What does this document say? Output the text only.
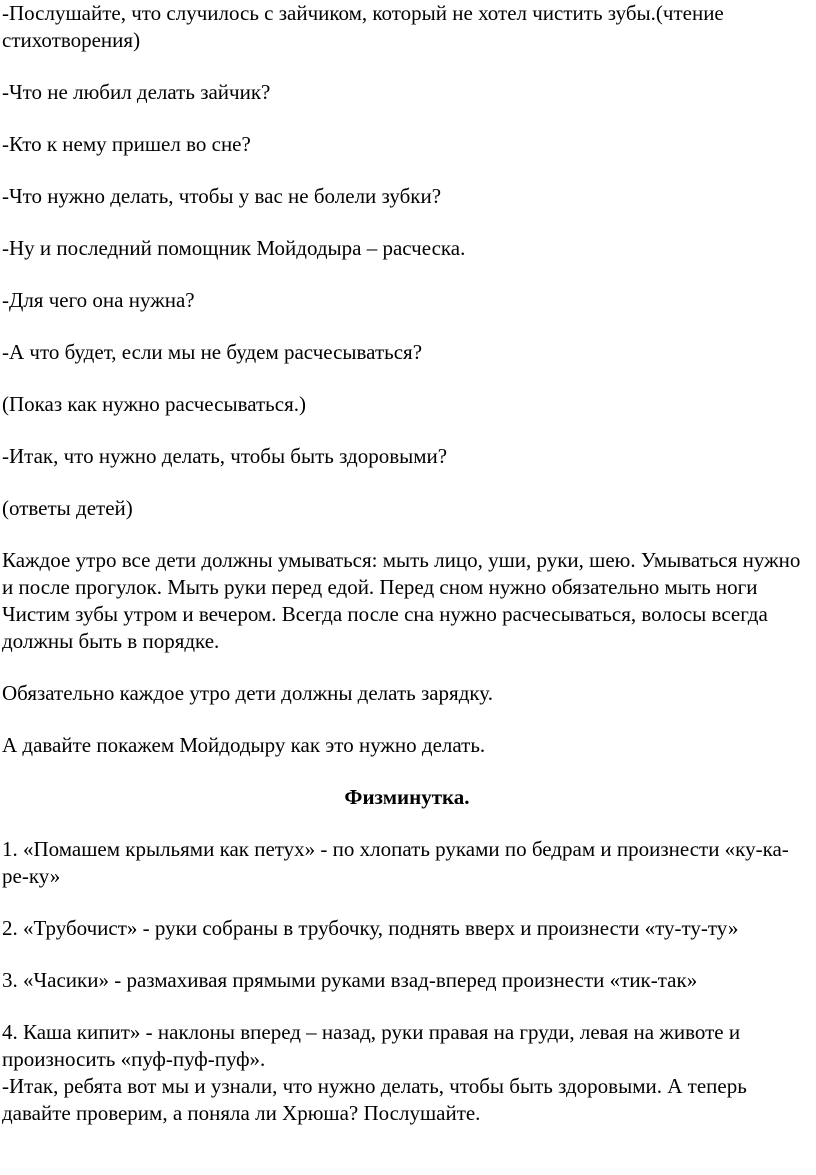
-Послушайте, что случилось с зайчиком, который не хотел чистить зубы.(чтение стихотворения)

-Что не любил делать зайчик?

-Кто к нему пришел во сне?

-Что нужно делать, чтобы у вас не болели зубки?

-Ну и последний помощник Мойдодыра – расческа.

-Для чего она нужна?

-А что будет, если мы не будем расчесываться?

(Показ как нужно расчесываться.)

-Итак, что нужно делать, чтобы быть здоровыми?

(ответы детей)

Каждое утро все дети должны умываться: мыть лицо, уши, руки, шею. Умываться нужно и после прогулок. Мыть руки перед едой. Перед сном нужно обязательно мыть ноги Чистим зубы утром и вечером. Всегда после сна нужно расчесываться, волосы всегда должны быть в порядке.

Обязательно каждое утро дети должны делать зарядку.

А давайте покажем Мойдодыру как это нужно делать.

Физминутка.

1. «Помашем крыльями как петух» - по хлопать руками по бедрам и произнести «ку-ка-ре-ку»

2. «Трубочист» - руки собраны в трубочку, поднять вверх и произнести «ту-ту-ту»

3. «Часики» - размахивая прямыми руками взад-вперед произнести «тик-так»

4. Каша кипит» - наклоны вперед – назад, руки правая на груди, левая на животе и произносить «пуф-пуф-пуф».

-Итак, ребята вот мы и узнали, что нужно делать, чтобы быть здоровыми. А теперь давайте проверим, а поняла ли Хрюша? Послушайте.
